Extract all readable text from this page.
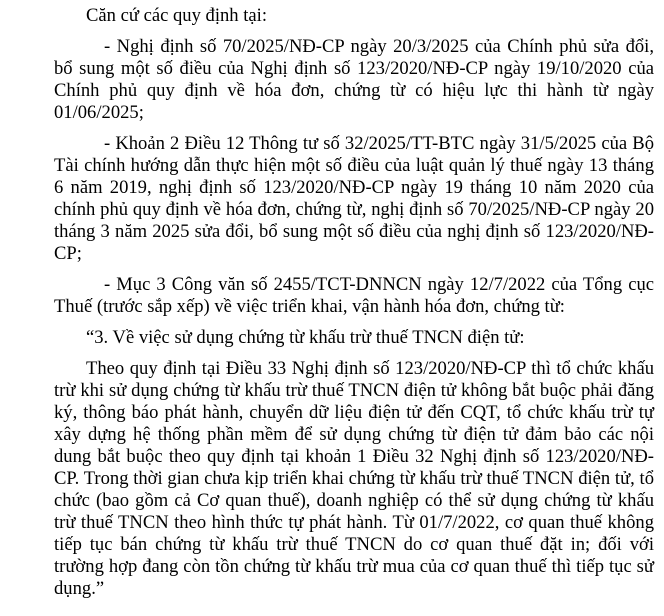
Căn cứ các quy định tại:

- Nghị định số 70/2025/NĐ-CP ngày 20/3/2025 của Chính phủ sửa đổi, bổ sung một số điều của Nghị định số 123/2020/NĐ-CP ngày 19/10/2020 của Chính phủ quy định về hóa đơn, chứng từ có hiệu lực thi hành từ ngày 01/06/2025;

- Khoản 2 Điều 12 Thông tư số 32/2025/TT-BTC ngày 31/5/2025 của Bộ Tài chính hướng dẫn thực hiện một số điều của luật quản lý thuế ngày 13 tháng 6 năm 2019, nghị định số 123/2020/NĐ-CP ngày 19 tháng 10 năm 2020 của chính phủ quy định về hóa đơn, chứng từ, nghị định số 70/2025/NĐ-CP ngày 20 tháng 3 năm 2025 sửa đổi, bổ sung một số điều của nghị định số 123/2020/NĐ-CP;

- Mục 3 Công văn số 2455/TCT-DNNCN ngày 12/7/2022 của Tổng cục Thuế (trước sắp xếp) về việc triển khai, vận hành hóa đơn, chứng từ:

“3. Về việc sử dụng chứng từ khấu trừ thuế TNCN điện tử:

Theo quy định tại Điều 33 Nghị định số 123/2020/NĐ-CP thì tổ chức khấu trừ khi sử dụng chứng từ khấu trừ thuế TNCN điện tử không bắt buộc phải đăng ký, thông báo phát hành, chuyển dữ liệu điện tử đến CQT, tổ chức khấu trừ tự xây dựng hệ thống phần mềm để sử dụng chứng từ điện tử đảm bảo các nội dung bắt buộc theo quy định tại khoản 1 Điều 32 Nghị định số 123/2020/NĐ-CP. Trong thời gian chưa kịp triển khai chứng từ khấu trừ thuế TNCN điện tử, tổ chức (bao gồm cả Cơ quan thuế), doanh nghiệp có thể sử dụng chứng từ khấu trừ thuế TNCN theo hình thức tự phát hành. Từ 01/7/2022, cơ quan thuế không tiếp tục bán chứng từ khấu trừ thuế TNCN do cơ quan thuế đặt in; đối với trường hợp đang còn tồn chứng từ khấu trừ mua của cơ quan thuế thì tiếp tục sử dụng.”
